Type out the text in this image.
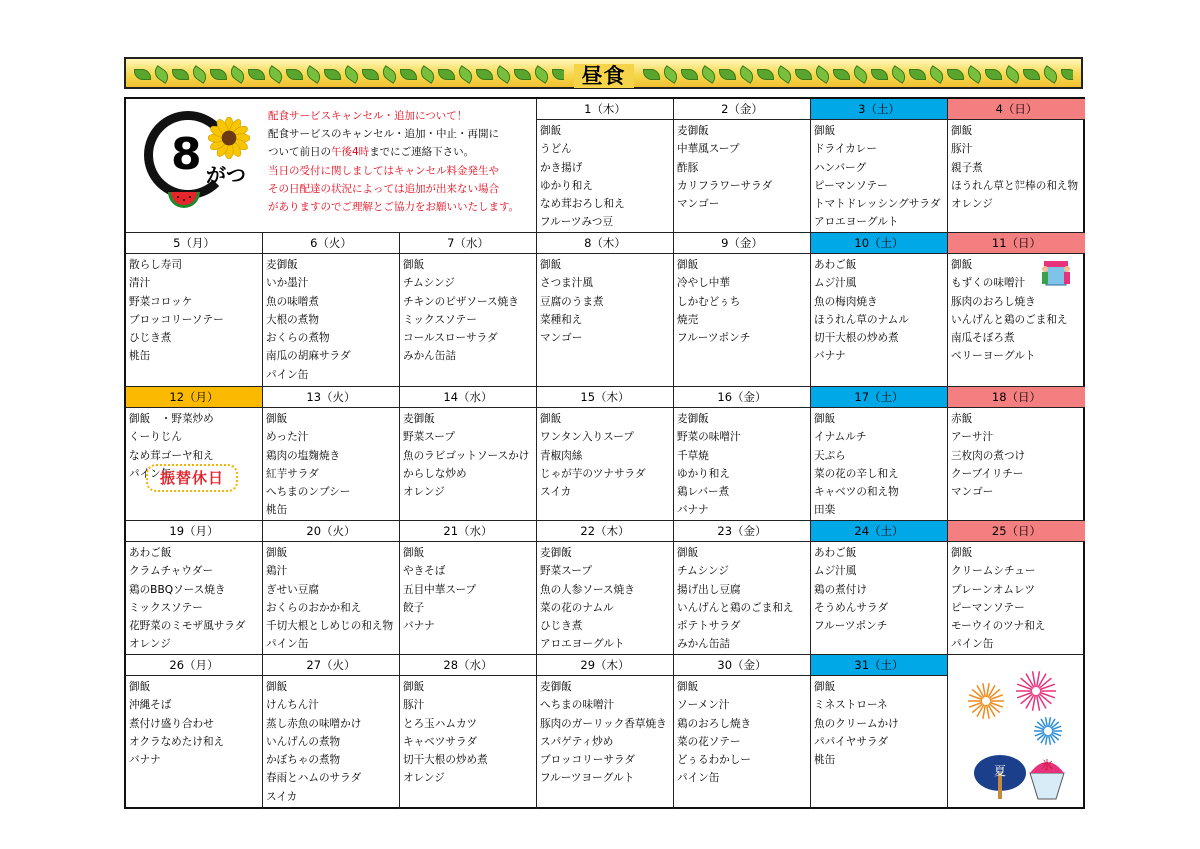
昼食
8 がつ
配食サービスキャンセル・追加について！
配食サービスのキャンセル・追加・中止・再開に
ついて前日の午後4時までにご連絡下さい。
当日の受付に関しましてはキャンセル料金発生や
その日配達の状況によっては追加が出来ない場合
がありますのでご理解とご協力をお願いいたします。
1（木）
御飯
うどん
かき揚げ
ゆかり和え
なめ茸おろし和え
フルーツみつ豆
2（金）
麦御飯
中華風スープ
酢豚
カリフラワーサラダ
マンゴー
3（土）
御飯
ドライカレー
ハンバーグ
ピーマンソテー
トマトドレッシングサラダ
アロエヨーグルト
4（日）
御飯
豚汁
親子煮
ほうれん草と㌍棒の和え物
オレンジ
5（月）
散らし寿司
清汁
野菜コロッケ
ブロッコリーソテー
ひじき煮
桃缶
6（火）
麦御飯
いか墨汁
魚の味噌煮
大根の煮物
おくらの煮物
南瓜の胡麻サラダ
パイン缶
7（水）
御飯
チムシンジ
チキンのピザソース焼き
ミックスソテー
コールスローサラダ
みかん缶詰
8（木）
御飯
さつま汁風
豆腐のうま煮
菜種和え
マンゴー
9（金）
御飯
冷やし中華
しかむどぅち
焼売
フルーツポンチ
10（土）
あわご飯
ムジ汁風
魚の梅肉焼き
ほうれん草のナムル
切干大根の炒め煮
バナナ
11（日）
御飯
もずくの味噌汁
豚肉のおろし焼き
いんげんと鶏のごま和え
南瓜そぼろ煮
ベリーヨーグルト
12（月）
御飯　・野菜炒め
くーりじん
なめ茸ゴーヤ和え
パイン缶
振替休日
13（火）
御飯
めった汁
鶏肉の塩麹焼き
紅芋サラダ
へちまのンブシー
桃缶
14（水）
麦御飯
野菜スープ
魚のラビゴットソースかけ
からしな炒め
オレンジ
15（木）
御飯
ワンタン入りスープ
青椒肉絲
じゃが芋のツナサラダ
スイカ
16（金）
麦御飯
野菜の味噌汁
千草焼
ゆかり和え
鶏レバー煮
バナナ
17（土）
御飯
イナムルチ
天ぷら
菜の花の辛し和え
キャベツの和え物
田楽
18（日）
赤飯
アーサ汁
三枚肉の煮つけ
クーブイリチー
マンゴー
19（月）
あわご飯
クラムチャウダー
鶏のBBQソース焼き
ミックスソテー
花野菜のミモザ風サラダ
オレンジ
20（火）
御飯
鶏汁
ぎせい豆腐
おくらのおかか和え
千切大根としめじの和え物
パイン缶
21（水）
御飯
やきそば
五目中華スープ
餃子
バナナ
22（木）
麦御飯
野菜スープ
魚の人参ソース焼き
菜の花のナムル
ひじき煮
アロエヨーグルト
23（金）
御飯
チムシンジ
揚げ出し豆腐
いんげんと鶏のごま和え
ポテトサラダ
みかん缶詰
24（土）
あわご飯
ムジ汁風
鶏の煮付け
そうめんサラダ
フルーツポンチ
25（日）
御飯
クリームシチュー
プレーンオムレツ
ピーマンソテー
モーウイのツナ和え
パイン缶
26（月）
御飯
沖縄そば
煮付け盛り合わせ
オクラなめたけ和え
バナナ
27（火）
御飯
けんちん汁
蒸し赤魚の味噌かけ
いんげんの煮物
かぼちゃの煮物
春雨とハムのサラダ
スイカ
28（水）
御飯
豚汁
とろ玉ハムカツ
キャベツサラダ
切干大根の炒め煮
オレンジ
29（木）
麦御飯
へちまの味噌汁
豚肉のガーリック香草焼き
スパゲティ炒め
ブロッコリーサラダ
フルーツヨーグルト
30（金）
御飯
ソーメン汁
鶏のおろし焼き
菜の花ソテー
どぅるわかしー
パイン缶
31（土）
御飯
ミネストローネ
魚のクリームかけ
パパイヤサラダ
桃缶
夏	氷
